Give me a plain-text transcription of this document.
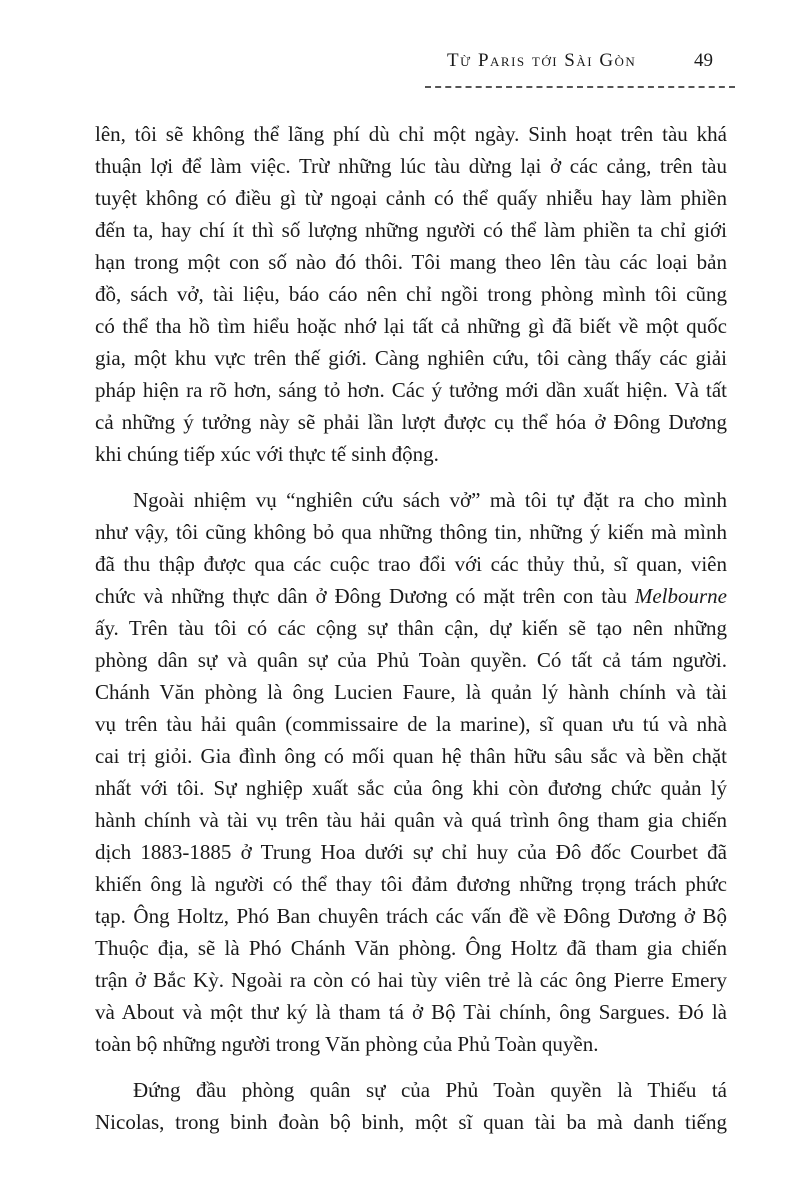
Từ Paris tới Sài Gòn	49
lên, tôi sẽ không thể lãng phí dù chỉ một ngày. Sinh hoạt trên tàu khá
thuận lợi để làm việc. Trừ những lúc tàu dừng lại ở các cảng, trên tàu
tuyệt không có điều gì từ ngoại cảnh có thể quấy nhiễu hay làm phiền
đến ta, hay chí ít thì số lượng những người có thể làm phiền ta chỉ giới
hạn trong một con số nào đó thôi. Tôi mang theo lên tàu các loại bản
đồ, sách vở, tài liệu, báo cáo nên chỉ ngồi trong phòng mình tôi cũng
có thể tha hồ tìm hiểu hoặc nhớ lại tất cả những gì đã biết về một quốc
gia, một khu vực trên thế giới. Càng nghiên cứu, tôi càng thấy các giải
pháp hiện ra rõ hơn, sáng tỏ hơn. Các ý tưởng mới dần xuất hiện. Và tất
cả những ý tưởng này sẽ phải lần lượt được cụ thể hóa ở Đông Dương
khi chúng tiếp xúc với thực tế sinh động.
Ngoài nhiệm vụ “nghiên cứu sách vở” mà tôi tự đặt ra cho mình
như vậy, tôi cũng không bỏ qua những thông tin, những ý kiến mà mình
đã thu thập được qua các cuộc trao đổi với các thủy thủ, sĩ quan, viên
chức và những thực dân ở Đông Dương có mặt trên con tàu Melbourne
ấy. Trên tàu tôi có các cộng sự thân cận, dự kiến sẽ tạo nên những
phòng dân sự và quân sự của Phủ Toàn quyền. Có tất cả tám người.
Chánh Văn phòng là ông Lucien Faure, là quản lý hành chính và tài
vụ trên tàu hải quân (commissaire de la marine), sĩ quan ưu tú và nhà
cai trị giỏi. Gia đình ông có mối quan hệ thân hữu sâu sắc và bền chặt
nhất với tôi. Sự nghiệp xuất sắc của ông khi còn đương chức quản lý
hành chính và tài vụ trên tàu hải quân và quá trình ông tham gia chiến
dịch 1883-1885 ở Trung Hoa dưới sự chỉ huy của Đô đốc Courbet đã
khiến ông là người có thể thay tôi đảm đương những trọng trách phức
tạp. Ông Holtz, Phó Ban chuyên trách các vấn đề về Đông Dương ở Bộ
Thuộc địa, sẽ là Phó Chánh Văn phòng. Ông Holtz đã tham gia chiến
trận ở Bắc Kỳ. Ngoài ra còn có hai tùy viên trẻ là các ông Pierre Emery
và About và một thư ký là tham tá ở Bộ Tài chính, ông Sargues. Đó là
toàn bộ những người trong Văn phòng của Phủ Toàn quyền.
Đứng đầu phòng quân sự của Phủ Toàn quyền là Thiếu tá
Nicolas, trong binh đoàn bộ binh, một sĩ quan tài ba mà danh tiếng
